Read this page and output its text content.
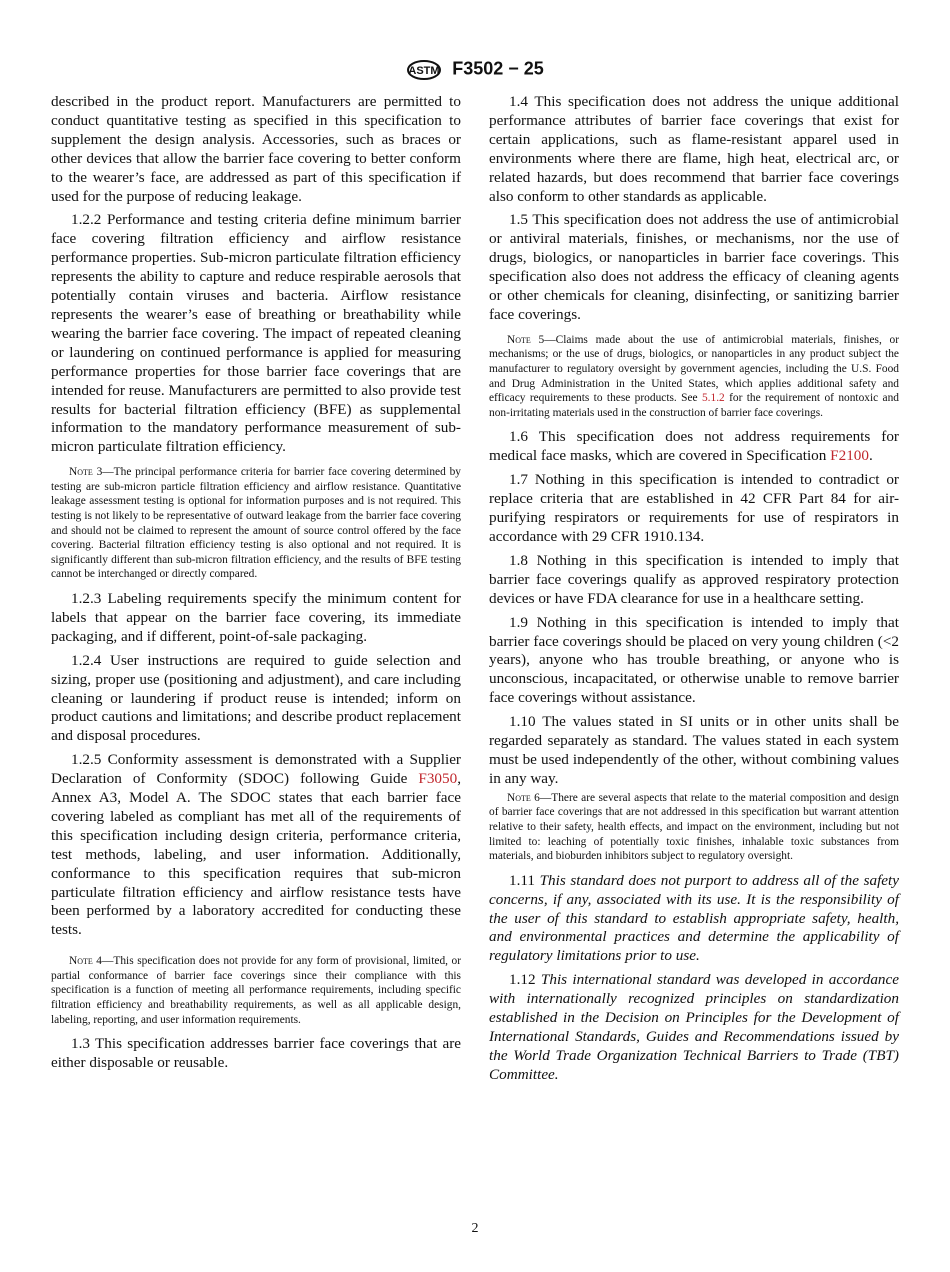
ASTM F3502 − 25

described in the product report. Manufacturers are permitted to conduct quantitative testing as specified in this specification to supplement the design analysis. Accessories, such as braces or other devices that allow the barrier face covering to better conform to the wearer’s face, are addressed as part of this specification if used for the purpose of reducing leakage.

1.2.2 Performance and testing criteria define minimum barrier face covering filtration efficiency and airflow resistance performance properties. Sub-micron particulate filtration efficiency represents the ability to capture and reduce respirable aerosols that potentially contain viruses and bacteria. Airflow resistance represents the wearer’s ease of breathing or breathability while wearing the barrier face covering. The impact of repeated cleaning or laundering on continued performance is applied for measuring performance properties for those barrier face coverings that are intended for reuse. Manufacturers are permitted to also provide test results for bacterial filtration efficiency (BFE) as supplemental information to the mandatory performance measurement of sub-micron particulate filtration efficiency.

Note 3—The principal performance criteria for barrier face covering determined by testing are sub-micron particle filtration efficiency and airflow resistance. Quantitative leakage assessment testing is optional for information purposes and is not required. This testing is not likely to be representative of outward leakage from the barrier face covering and should not be claimed to represent the amount of source control offered by the face covering. Bacterial filtration efficiency testing is also optional and not required. It is significantly different than sub-micron filtration efficiency, and the results of BFE testing cannot be interchanged or directly compared.

1.2.3 Labeling requirements specify the minimum content for labels that appear on the barrier face covering, its immediate packaging, and if different, point-of-sale packaging.

1.2.4 User instructions are required to guide selection and sizing, proper use (positioning and adjustment), and care including cleaning or laundering if product reuse is intended; inform on product cautions and limitations; and describe product replacement and disposal procedures.

1.2.5 Conformity assessment is demonstrated with a Supplier Declaration of Conformity (SDOC) following Guide F3050, Annex A3, Model A. The SDOC states that each barrier face covering labeled as compliant has met all of the requirements of this specification including design criteria, performance criteria, test methods, labeling, and user information. Additionally, conformance to this specification requires that sub-micron particulate filtration efficiency and airflow resistance tests have been performed by a laboratory accredited for conducting these tests.

Note 4—This specification does not provide for any form of provisional, limited, or partial conformance of barrier face coverings since their compliance with this specification is a function of meeting all performance requirements, including specific filtration efficiency and breathability requirements, as well as all applicable design, labeling, reporting, and user information requirements.

1.3 This specification addresses barrier face coverings that are either disposable or reusable.

1.4 This specification does not address the unique additional performance attributes of barrier face coverings that exist for certain applications, such as flame-resistant apparel used in environments where there are flame, high heat, electrical arc, or related hazards, but does recommend that barrier face coverings also conform to other standards as applicable.

1.5 This specification does not address the use of antimicrobial or antiviral materials, finishes, or mechanisms, nor the use of drugs, biologics, or nanoparticles in barrier face coverings. This specification also does not address the efficacy of cleaning agents or other chemicals for cleaning, disinfecting, or sanitizing barrier face coverings.

Note 5—Claims made about the use of antimicrobial materials, finishes, or mechanisms; or the use of drugs, biologics, or nanoparticles in any product subject the manufacturer to regulatory oversight by government agencies, including the U.S. Food and Drug Administration in the United States, which applies additional safety and efficacy requirements to these products. See 5.1.2 for the requirement of nontoxic and non-irritating materials used in the construction of barrier face coverings.

1.6 This specification does not address requirements for medical face masks, which are covered in Specification F2100.

1.7 Nothing in this specification is intended to contradict or replace criteria that are established in 42 CFR Part 84 for air-purifying respirators or requirements for use of respirators in accordance with 29 CFR 1910.134.

1.8 Nothing in this specification is intended to imply that barrier face coverings qualify as approved respiratory protection devices or have FDA clearance for use in a healthcare setting.

1.9 Nothing in this specification is intended to imply that barrier face coverings should be placed on very young children (<2 years), anyone who has trouble breathing, or anyone who is unconscious, incapacitated, or otherwise unable to remove barrier face coverings without assistance.

1.10 The values stated in SI units or in other units shall be regarded separately as standard. The values stated in each system must be used independently of the other, without combining values in any way.

Note 6—There are several aspects that relate to the material composition and design of barrier face coverings that are not addressed in this specification but warrant attention relative to their safety, health effects, and impact on the environment, including but not limited to: leaching of potentially toxic finishes, inhalable toxic substances from materials, and bioburden inhibitors subject to regulatory oversight.

1.11 This standard does not purport to address all of the safety concerns, if any, associated with its use. It is the responsibility of the user of this standard to establish appropriate safety, health, and environmental practices and determine the applicability of regulatory limitations prior to use.

1.12 This international standard was developed in accordance with internationally recognized principles on standardization established in the Decision on Principles for the Development of International Standards, Guides and Recommendations issued by the World Trade Organization Technical Barriers to Trade (TBT) Committee.

2
